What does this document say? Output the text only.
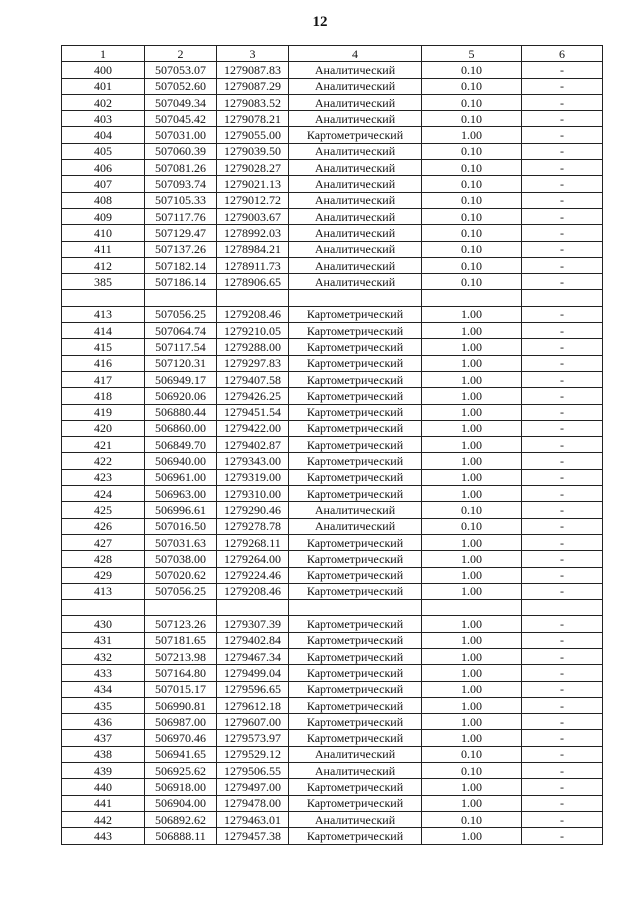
12
1	2	3	4	5	6
400	507053.07	1279087.83	Аналитический	0.10	-
401	507052.60	1279087.29	Аналитический	0.10	-
402	507049.34	1279083.52	Аналитический	0.10	-
403	507045.42	1279078.21	Аналитический	0.10	-
404	507031.00	1279055.00	Картометрический	1.00	-
405	507060.39	1279039.50	Аналитический	0.10	-
406	507081.26	1279028.27	Аналитический	0.10	-
407	507093.74	1279021.13	Аналитический	0.10	-
408	507105.33	1279012.72	Аналитический	0.10	-
409	507117.76	1279003.67	Аналитический	0.10	-
410	507129.47	1278992.03	Аналитический	0.10	-
411	507137.26	1278984.21	Аналитический	0.10	-
412	507182.14	1278911.73	Аналитический	0.10	-
385	507186.14	1278906.65	Аналитический	0.10	-

413	507056.25	1279208.46	Картометрический	1.00	-
414	507064.74	1279210.05	Картометрический	1.00	-
415	507117.54	1279288.00	Картометрический	1.00	-
416	507120.31	1279297.83	Картометрический	1.00	-
417	506949.17	1279407.58	Картометрический	1.00	-
418	506920.06	1279426.25	Картометрический	1.00	-
419	506880.44	1279451.54	Картометрический	1.00	-
420	506860.00	1279422.00	Картометрический	1.00	-
421	506849.70	1279402.87	Картометрический	1.00	-
422	506940.00	1279343.00	Картометрический	1.00	-
423	506961.00	1279319.00	Картометрический	1.00	-
424	506963.00	1279310.00	Картометрический	1.00	-
425	506996.61	1279290.46	Аналитический	0.10	-
426	507016.50	1279278.78	Аналитический	0.10	-
427	507031.63	1279268.11	Картометрический	1.00	-
428	507038.00	1279264.00	Картометрический	1.00	-
429	507020.62	1279224.46	Картометрический	1.00	-
413	507056.25	1279208.46	Картометрический	1.00	-

430	507123.26	1279307.39	Картометрический	1.00	-
431	507181.65	1279402.84	Картометрический	1.00	-
432	507213.98	1279467.34	Картометрический	1.00	-
433	507164.80	1279499.04	Картометрический	1.00	-
434	507015.17	1279596.65	Картометрический	1.00	-
435	506990.81	1279612.18	Картометрический	1.00	-
436	506987.00	1279607.00	Картометрический	1.00	-
437	506970.46	1279573.97	Картометрический	1.00	-
438	506941.65	1279529.12	Аналитический	0.10	-
439	506925.62	1279506.55	Аналитический	0.10	-
440	506918.00	1279497.00	Картометрический	1.00	-
441	506904.00	1279478.00	Картометрический	1.00	-
442	506892.62	1279463.01	Аналитический	0.10	-
443	506888.11	1279457.38	Картометрический	1.00	-
